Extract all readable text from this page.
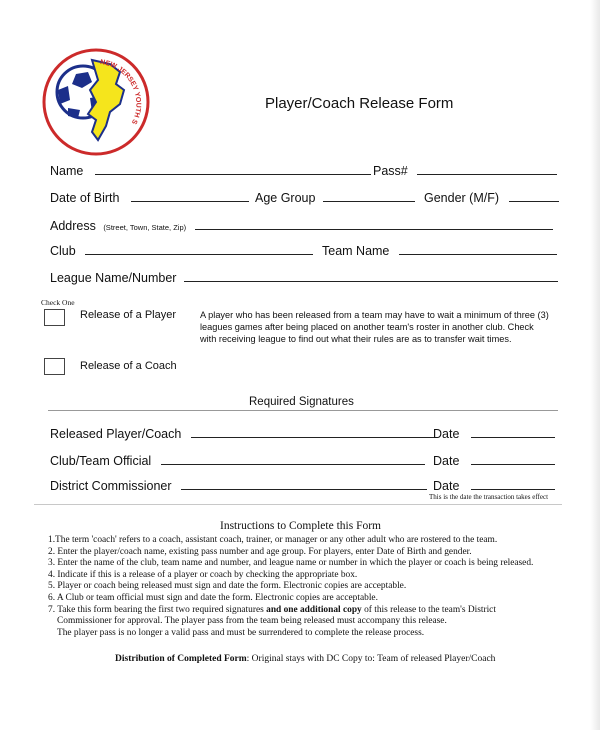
NEW JERSEY YOUTH S
Player/Coach Release Form
Name	Pass#
Date of Birth	Age Group	Gender (M/F)
Address (Street, Town, State, Zip)
Club	Team Name
League Name/Number
Check One
Release of a Player	A player who has been released from a team may have to wait a minimum of three (3)
leagues games after being placed on another team's roster in another club. Check
with receiving league to find out what their rules are as to transfer wait times.
Release of a Coach
Required Signatures
Released Player/Coach	Date
Club/Team Official	Date
District Commissioner	Date
This is the date the transaction takes effect
Instructions to Complete this Form
1.The term 'coach' refers to a coach, assistant coach, trainer, or manager or any other adult who are rostered to the team.
2. Enter the player/coach name, existing pass number and age group. For players, enter Date of Birth and gender.
3. Enter the name of the club, team name and number, and league name or number in which the player or coach is being released.
4. Indicate if this is a release of a player or coach by checking the appropriate box.
5. Player or coach being released must sign and date the form. Electronic copies are acceptable.
6. A Club or team official must sign and date the form. Electronic copies are acceptable.
7. Take this form bearing the first two required signatures and one additional copy of this release to the team's District
Commissioner for approval. The player pass from the team being released must accompany this release.
The player pass is no longer a valid pass and must be surrendered to complete the release process.
Distribution of Completed Form: Original stays with DC Copy to: Team of released Player/Coach
